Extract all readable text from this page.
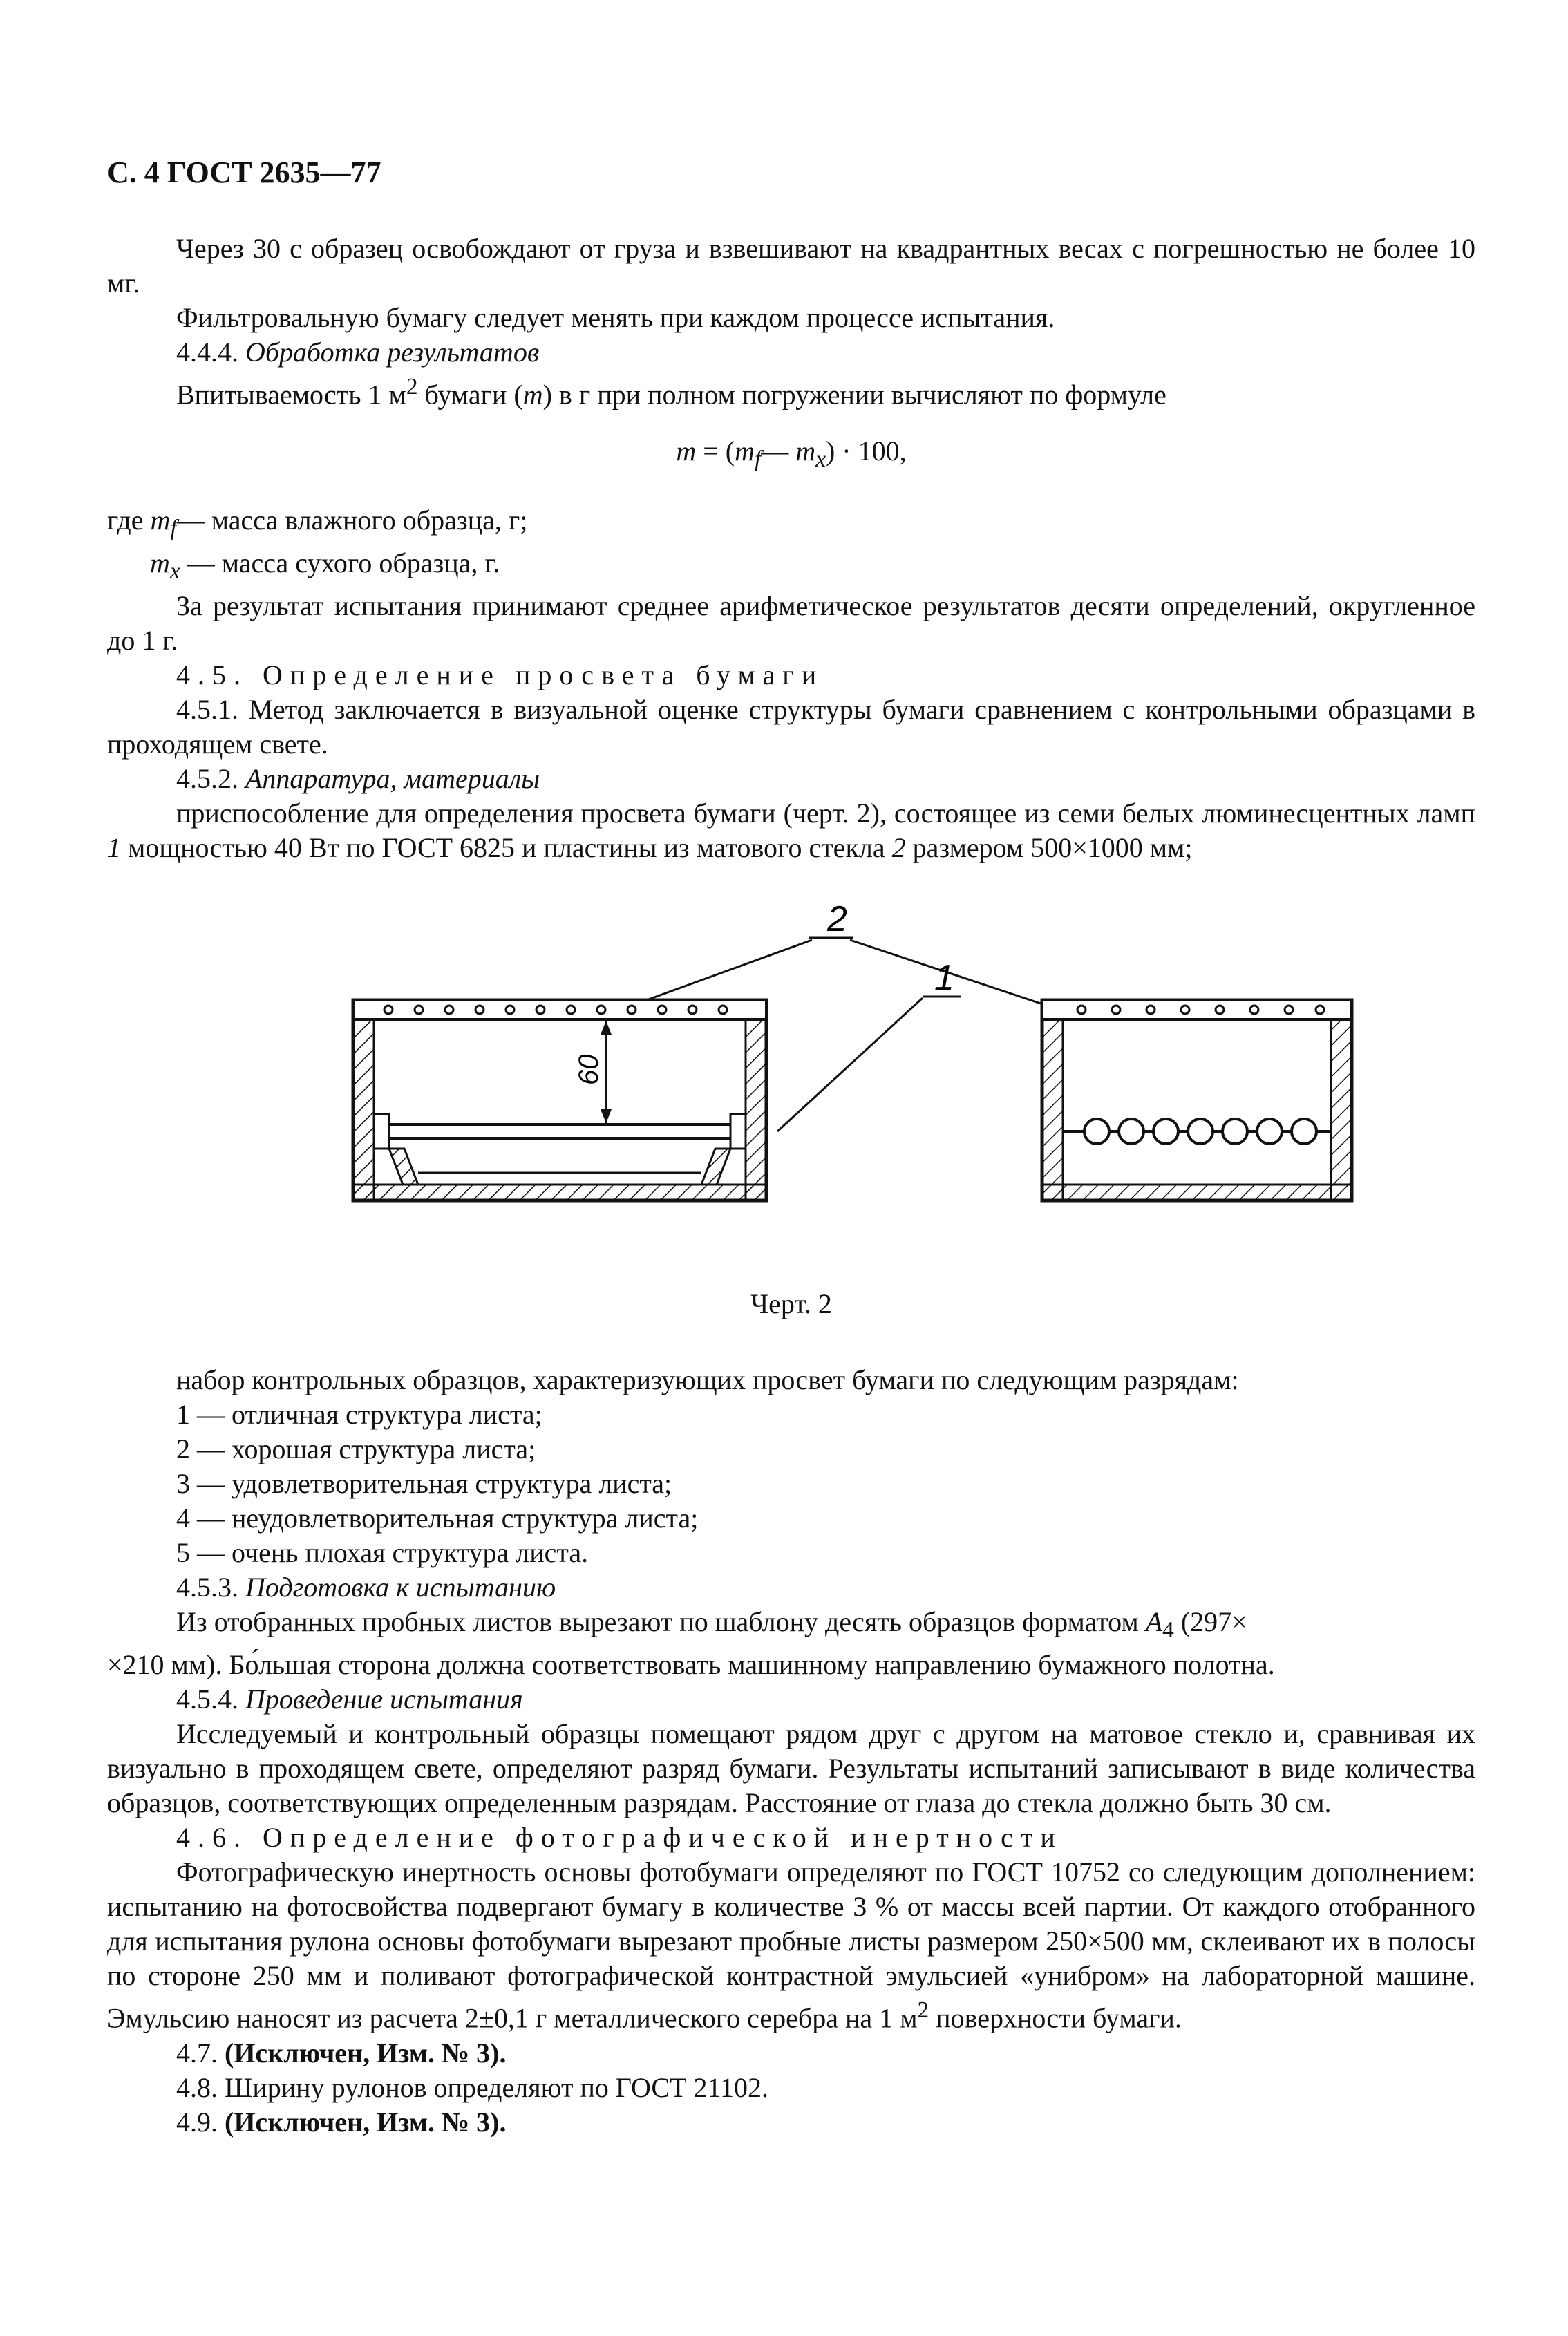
С. 4 ГОСТ 2635—77

Через 30 с образец освобождают от груза и взвешивают на квадрантных весах с погрешностью не более 10 мг.

Фильтровальную бумагу следует менять при каждом процессе испытания.

4.4.4. Обработка результатов

Впитываемость 1 $м^2$ бумаги (m) в г при полном погружении вычисляют по формуле

$m = (m_f—$ $m_x) \cdot 100$,

где $m_f—$ масса влажного образца, г;

$m_x$ — масса сухого образца, г.

За результат испытания принимают среднее арифметическое результатов десяти определений, округленное до 1 г.

4.5. Определение просвета бумаги

4.5.1. Метод заключается в визуальной оценке структуры бумаги сравнением с контрольными образцами в проходящем свете.

4.5.2. Аппаратура, материалы

приспособление для определения просвета бумаги (черт. 2), состоящее из семи белых люминесцентных ламп 1 мощностью 40 Вт по ГОСТ 6825 и пластины из матового стекла 2 размером 500×1000 мм;

2
60
1
Черт. 2

набор контрольных образцов, характеризующих просвет бумаги по следующим разрядам:

1 — отличная структура листа;

2 — хорошая структура листа;

3 — удовлетворительная структура листа;

4 — неудовлетворительная структура листа;

5 — очень плохая структура листа.

4.5.3. Подготовка к испытанию

Из отобранных пробных листов вырезают по шаблону десять образцов форматом $A_4$ (297×

×210 мм). Бо́льшая сторона должна соответствовать машинному направлению бумажного полотна.

4.5.4. Проведение испытания

Исследуемый и контрольный образцы помещают рядом друг с другом на матовое стекло и, сравнивая их визуально в проходящем свете, определяют разряд бумаги. Результаты испытаний записывают в виде количества образцов, соответствующих определенным разрядам. Расстояние от глаза до стекла должно быть 30 см.

4.6. Определение фотографической инертности

Фотографическую инертность основы фотобумаги определяют по ГОСТ 10752 со следующим дополнением: испытанию на фотосвойства подвергают бумагу в количестве 3 % от массы всей партии. От каждого отобранного для испытания рулона основы фотобумаги вырезают пробные листы размером 250×500 мм, склеивают их в полосы по стороне 250 мм и поливают фотографической контрастной эмульсией «унибром» на лабораторной машине. Эмульсию наносят из расчета 2±0,1 г металлического серебра на 1 $м^2$ поверхности бумаги.

4.7. (Исключен, Изм. № 3).

4.8. Ширину рулонов определяют по ГОСТ 21102.

4.9. (Исключен, Изм. № 3).
